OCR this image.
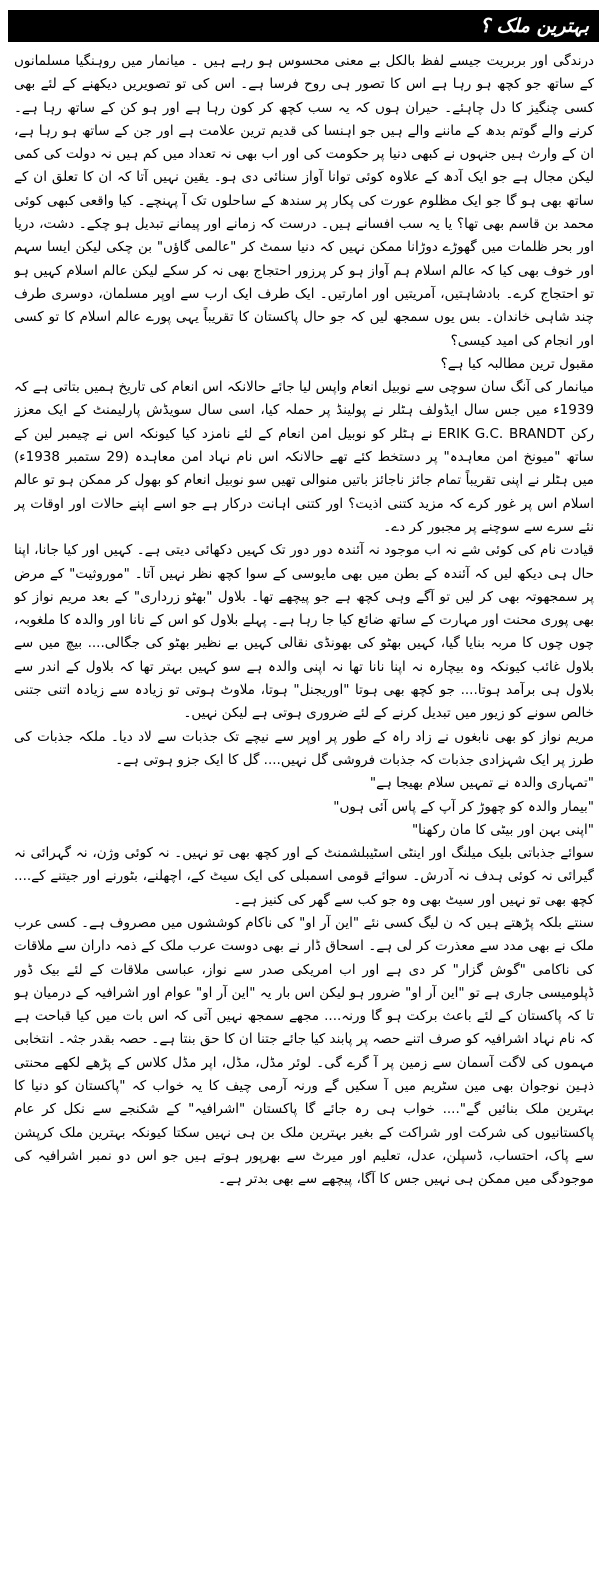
بہترین ملک ؟

درندگی اور بربریت جیسے لفظ بالکل بے معنی محسوس ہو رہے ہیں ۔ میانمار میں روہنگیا مسلمانوں کے ساتھ جو کچھ ہو رہا ہے اس کا تصور ہی روح فرسا ہے۔ اس کی تو تصویریں دیکھنے کے لئے بھی کسی چنگیز کا دل چاہئے۔ حیران ہوں کہ یہ سب کچھ کر کون رہا ہے اور ہو کن کے ساتھ رہا ہے۔ کرنے والے گوتم بدھ کے ماننے والے ہیں جو اہنسا کی قدیم ترین علامت ہے اور جن کے ساتھ ہو رہا ہے، ان کے وارث ہیں جنہوں نے کبھی دنیا پر حکومت کی اور اب بھی نہ تعداد میں کم ہیں نہ دولت کی کمی لیکن مجال ہے جو ایک آدھ کے علاوہ کوئی توانا آواز سنائی دی ہو۔ یقین نہیں آتا کہ ان کا تعلق ان کے ساتھ بھی ہو گا جو ایک مظلوم عورت کی پکار پر سندھ کے ساحلوں تک آ پہنچے۔ کیا واقعی کبھی کوئی محمد بن قاسم بھی تھا؟ یا یہ سب افسانے ہیں۔ درست کہ زمانے اور پیمانے تبدیل ہو چکے۔ دشت، دریا اور بحر ظلمات میں گھوڑے دوڑانا ممکن نہیں کہ دنیا سمٹ کر "عالمی گاؤں" بن چکی لیکن ایسا سہم اور خوف بھی کیا کہ عالم اسلام ہم آواز ہو کر پرزور احتجاج بھی نہ کر سکے لیکن عالم اسلام کہیں ہو تو احتجاج کرے۔ بادشاہتیں، آمریتیں اور امارتیں۔ ایک طرف ایک ارب سے اوپر مسلمان، دوسری طرف چند شاہی خاندان۔ بس یوں سمجھ لیں کہ جو حال پاکستان کا تقریباً یہی پورے عالم اسلام کا تو کسی اور انجام کی امید کیسی؟

مقبول ترین مطالبہ کیا ہے؟

میانمار کی آنگ سان سوچی سے نوبیل انعام واپس لیا جائے حالانکہ اس انعام کی تاریخ ہمیں بتاتی ہے کہ 1939ء میں جس سال ایڈولف ہٹلر نے پولینڈ پر حملہ کیا، اسی سال سویڈش پارلیمنٹ کے ایک معزز رکن ERIK G.C. BRANDT نے ہٹلر کو نوبیل امن انعام کے لئے نامزد کیا کیونکہ اس نے چیمبر لین کے ساتھ "میونخ امن معاہدہ" پر دستخط کئے تھے حالانکہ اس نام نہاد امن معاہدہ (29 ستمبر 1938ء) میں ہٹلر نے اپنی تقریباً تمام جائز ناجائز باتیں منوالی تھیں سو نوبیل انعام کو بھول کر ممکن ہو تو عالم اسلام اس پر غور کرے کہ مزید کتنی اذیت؟ اور کتنی اہانت درکار ہے جو اسے اپنے حالات اور اوقات پر نئے سرے سے سوچنے پر مجبور کر دے۔

قیادت نام کی کوئی شے نہ اب موجود نہ آئندہ دور دور تک کہیں دکھائی دیتی ہے۔ کہیں اور کیا جانا، اپنا حال ہی دیکھ لیں کہ آئندہ کے بطن میں بھی مایوسی کے سوا کچھ نظر نہیں آتا۔ "موروثیت" کے مرض پر سمجھوتہ بھی کر لیں تو آگے وہی کچھ ہے جو پیچھے تھا۔ بلاول "بھٹو زرداری" کے بعد مریم نواز کو بھی پوری محنت اور مہارت کے ساتھ ضائع کیا جا رہا ہے۔ پہلے بلاول کو اس کے نانا اور والدہ کا ملغوبہ، چوں چوں کا مربہ بنایا گیا، کہیں بھٹو کی بھونڈی نقالی کہیں بے نظیر بھٹو کی جگالی.... بیچ میں سے بلاول غائب کیونکہ وہ بیچارہ نہ اپنا نانا تھا نہ اپنی والدہ ہے سو کہیں بہتر تھا کہ بلاول کے اندر سے بلاول ہی برآمد ہوتا.... جو کچھ بھی ہوتا "اوریجنل" ہوتا، ملاوٹ ہوتی تو زیادہ سے زیادہ اتنی جتنی خالص سونے کو زیور میں تبدیل کرنے کے لئے ضروری ہوتی ہے لیکن نہیں۔

مریم نواز کو بھی نابغوں نے زاد راہ کے طور پر اوپر سے نیچے تک جذبات سے لاد دیا۔ ملکہ جذبات کی طرز پر ایک شہزادی جذبات کہ جذبات فروشی گل نہیں.... گل کا ایک جزو ہوتی ہے۔

"تمہاری والدہ نے تمہیں سلام بھیجا ہے"

"بیمار والدہ کو چھوڑ کر آپ کے پاس آئی ہوں"

"اپنی بہن اور بیٹی کا مان رکھنا"

سوائے جذباتی بلیک میلنگ اور اینٹی اسٹیبلشمنٹ کے اور کچھ بھی تو نہیں۔ نہ کوئی وژن، نہ گہرائی نہ گیرائی نہ کوئی ہدف نہ آدرش۔ سوائے قومی اسمبلی کی ایک سیٹ کے، اچھلنے، بٹورنے اور جیتنے کے.... کچھ بھی تو نہیں اور سیٹ بھی وہ جو کب سے گھر کی کنیز ہے۔

سنتے بلکہ پڑھتے ہیں کہ ن لیگ کسی نئے "این آر او" کی ناکام کوششوں میں مصروف ہے۔ کسی عرب ملک نے بھی مدد سے معذرت کر لی ہے۔ اسحاق ڈار نے بھی دوست عرب ملک کے ذمہ داران سے ملاقات کی ناکامی "گوش گزار" کر دی ہے اور اب امریکی صدر سے نواز، عباسی ملاقات کے لئے بیک ڈور ڈپلومیسی جاری ہے تو "این آر او" ضرور ہو لیکن اس بار یہ "این آر او" عوام اور اشرافیہ کے درمیان ہو تا کہ پاکستان کے لئے باعث برکت ہو گا ورنہ.... مجھے سمجھ نہیں آتی کہ اس بات میں کیا قباحت ہے کہ نام نہاد اشرافیہ کو صرف اتنے حصہ پر پابند کیا جائے جتنا ان کا حق بنتا ہے۔ حصہ بقدر جثہ۔ انتخابی مہموں کی لاگت آسمان سے زمین پر آ گرے گی۔ لوئر مڈل، مڈل، اپر مڈل کلاس کے پڑھے لکھے محنتی ذہین نوجوان بھی مین سٹریم میں آ سکیں گے ورنہ آرمی چیف کا یہ خواب کہ "پاکستان کو دنیا کا بہترین ملک بنائیں گے".... خواب ہی رہ جائے گا پاکستان "اشرافیہ" کے شکنجے سے نکل کر عام پاکستانیوں کی شرکت اور شراکت کے بغیر بہترین ملک بن ہی نہیں سکتا کیونکہ بہترین ملک کرپشن سے پاک، احتساب، ڈسپلن، عدل، تعلیم اور میرٹ سے بھرپور ہوتے ہیں جو اس دو نمبر اشرافیہ کی موجودگی میں ممکن ہی نہیں جس کا آگا، پیچھے سے بھی بدتر ہے۔
